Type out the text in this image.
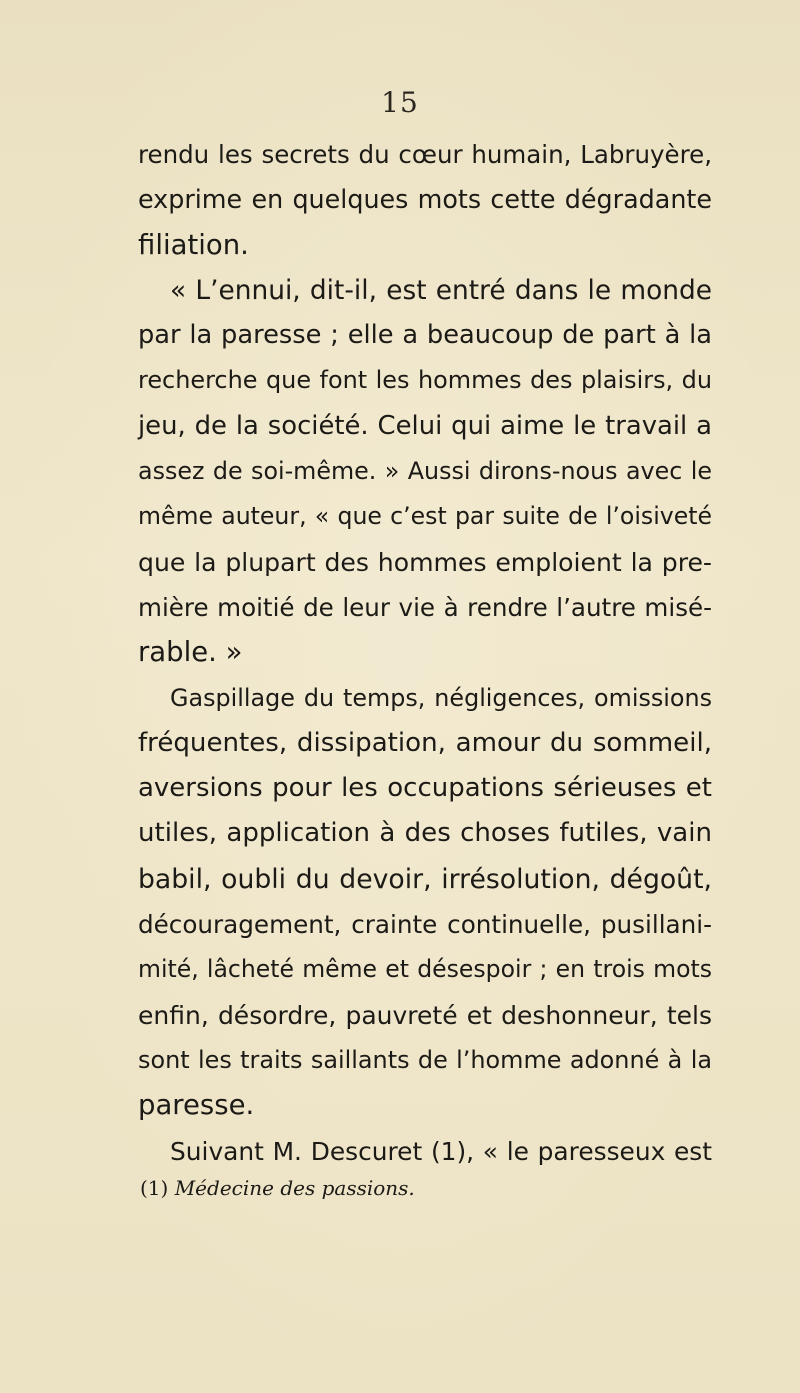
15
rendu les secrets du cœur humain, Labruyère,
exprime en quelques mots cette dégradante
filiation.
« L’ennui, dit-il, est entré dans le monde
par la paresse ; elle a beaucoup de part à la
recherche que font les hommes des plaisirs, du
jeu, de la société. Celui qui aime le travail a
assez de soi-même. » Aussi dirons-nous avec le
même auteur, « que c’est par suite de l’oisiveté
que la plupart des hommes emploient la pre-
mière moitié de leur vie à rendre l’autre misé-
rable. »
Gaspillage du temps, négligences, omissions
fréquentes, dissipation, amour du sommeil,
aversions pour les occupations sérieuses et
utiles, application à des choses futiles, vain
babil, oubli du devoir, irrésolution, dégoût,
découragement, crainte continuelle, pusillani-
mité, lâcheté même et désespoir ; en trois mots
enfin, désordre, pauvreté et deshonneur, tels
sont les traits saillants de l’homme adonné à la
paresse.
Suivant M. Descuret (1), « le paresseux est
(1) Médecine des passions.
